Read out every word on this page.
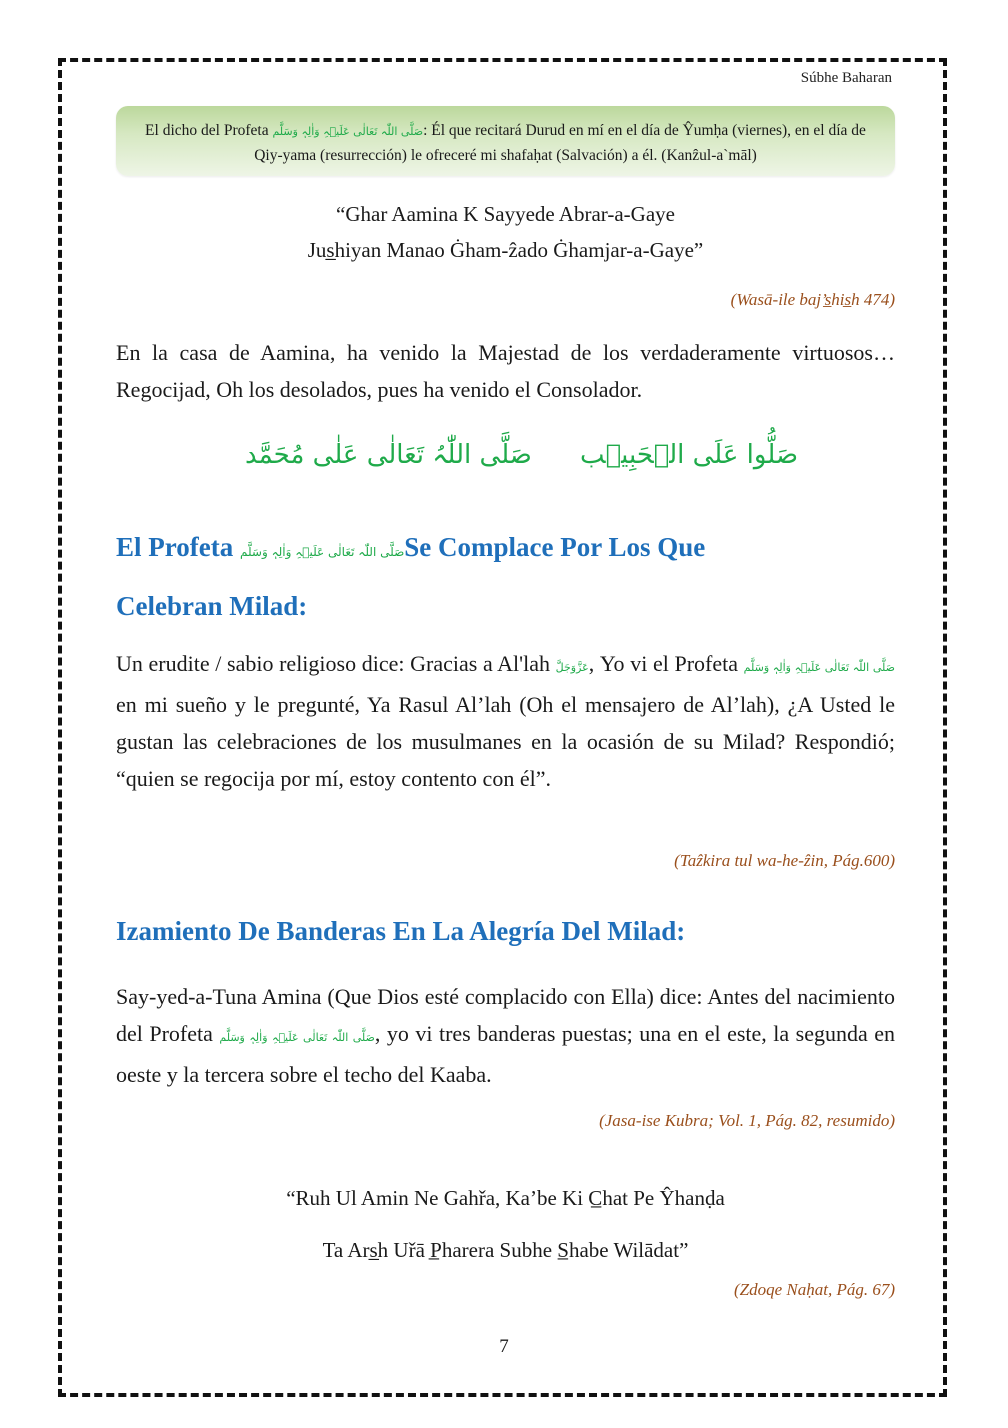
Súbhe Baharan
El dicho del Profeta صَلَّی اللّٰہ تَعَالٰی عَلَیۡہِ وَاٰلِہٖ وَسَلَّم: Él que recitará Durud en mí en el día de Ŷumḥa (viernes), en el día de Qiy-yama (resurrección) le ofreceré mi shafaḥat (Salvación) a él. (Kanẑul-a`māl)
“Ghar Aamina K Sayyede Abrar-a-Gaye
Jus̲hiyan Manao Ġham-ẑado Ġhamjar-a-Gaye”
(Wasā-ile baj’s̲his̲h 474)
En la casa de Aamina, ha venido la Majestad de los verdaderamente virtuosos… Regocijad, Oh los desolados, pues ha venido el Consolador.
صَلَّی اللّٰہُ تَعَالٰی عَلٰی مُحَمَّد صَلُّوا عَلَی الۡحَبِیۡب
El Profeta صَلَّی اللّٰہ تَعَالٰی عَلَیۡہِ وَاٰلِہٖ وَسَلَّمSe Complace Por Los Que
Celebran Milad:
Un erudite / sabio religioso dice: Gracias a Al'lah عَزَّوَجَلَّ, Yo vi el Profeta صَلَّی اللّٰہ تَعَالٰی عَلَیۡہِ وَاٰلِہٖ وَسَلَّم en mi sueño y le pregunté, Ya Rasul Al’lah (Oh el mensajero de Al’lah), ¿A Usted le gustan las celebraciones de los musulmanes en la ocasión de su Milad? Respondió; “quien se regocija por mí, estoy contento con él”.
(Taẑkira tul wa-he-ẑin, Pág.600)
Izamiento De Banderas En La Alegría Del Milad:
Say-yed-a-Tuna Amina (Que Dios esté complacido con Ella) dice: Antes del nacimiento del Profeta صَلَّی اللّٰہ تَعَالٰی عَلَیۡہِ وَاٰلِہٖ وَسَلَّم, yo vi tres banderas puestas; una en el este, la segunda en oeste y la tercera sobre el techo del Kaaba.
(Jasa-ise Kubra; Vol. 1, Pág. 82, resumido)
“Ruh Ul Amin Ne Gahřa, Ka’be Ki C̲hat Pe Ŷhanḍa
Ta Ars̲h Uřā P̲harera Subhe S̲habe Wilādat”
(Zdoqe Naḥat, Pág. 67)
7
